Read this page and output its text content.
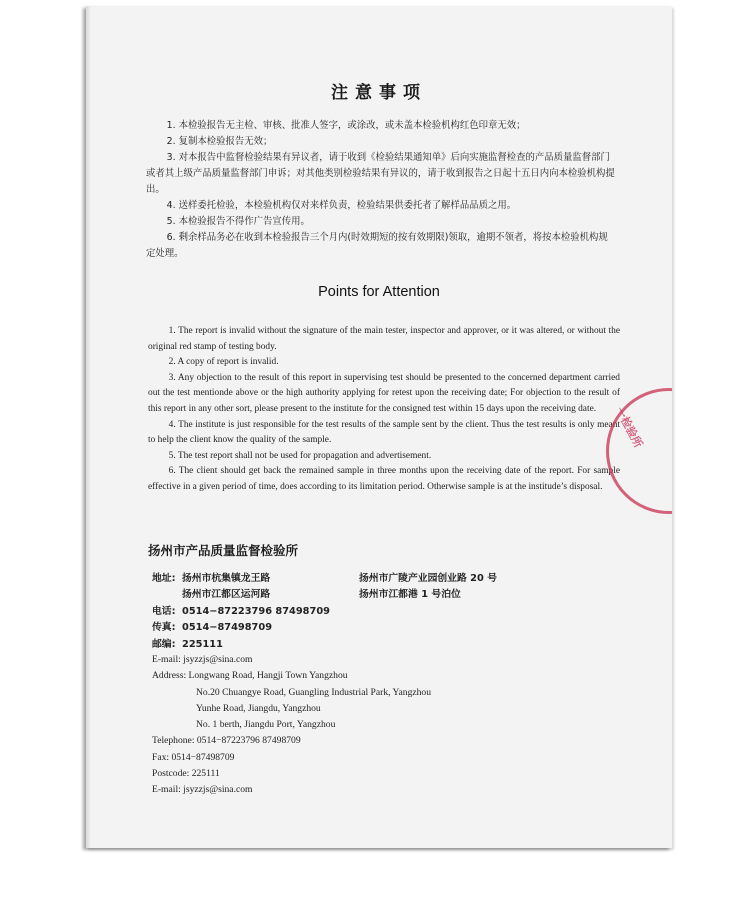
注意事项

1. 本检验报告无主检、审核、批准人签字，或涂改，或未盖本检验机构红色印章无效；

2. 复制本检验报告无效；

3. 对本报告中监督检验结果有异议者，请于收到《检验结果通知单》后向实施监督检查的产品质量监督部门或者其上级产品质量监督部门申诉；对其他类别检验结果有异议的，请于收到报告之日起十五日内向本检验机构提出。

4. 送样委托检验，本检验机构仅对来样负责，检验结果供委托者了解样品品质之用。

5. 本检验报告不得作广告宣传用。

6. 剩余样品务必在收到本检验报告三个月内(时效期短的按有效期限)领取，逾期不领者，将按本检验机构规定处理。

Points for Attention

1. The report is invalid without the signature of the main tester, inspector and approver, or it was altered, or without the original red stamp of testing body.

2. A copy of report is invalid.

3. Any objection to the result of this report in supervising test should be presented to the concerned department carried out the test mentionde above or the high authority applying for retest upon the receiving date; For objection to the result of this report in any other sort, please present to the institute for the consigned test within 15 days upon the receiving date.

4. The institute is just responsible for the test results of the sample sent by the client. Thus the test results is only meant to help the client know the quality of the sample.

5. The test report shall not be used for propagation and advertisement.

6. The client should get back the remained sample in three months upon the receiving date of the report. For sample effective in a given period of time, does according to its limitation period. Otherwise sample is at the institude’s disposal.

一检验所
扬州市产品质量监督检验所
地址: 扬州市杭集镇龙王路	扬州市广陵产业园创业路 20 号
扬州市江都区运河路	扬州市江都港 1 号泊位
电话: 0514−87223796 87498709
传真: 0514−87498709
邮编: 225111
E-mail: jsyzzjs@sina.com
Address: Longwang Road, Hangji Town Yangzhou
No.20 Chuangye Road, Guangling Industrial Park, Yangzhou
Yunhe Road, Jiangdu, Yangzhou
No. 1 berth, Jiangdu Port, Yangzhou
Telephone: 0514−87223796 87498709
Fax: 0514−87498709
Postcode: 225111
E-mail: jsyzzjs@sina.com
